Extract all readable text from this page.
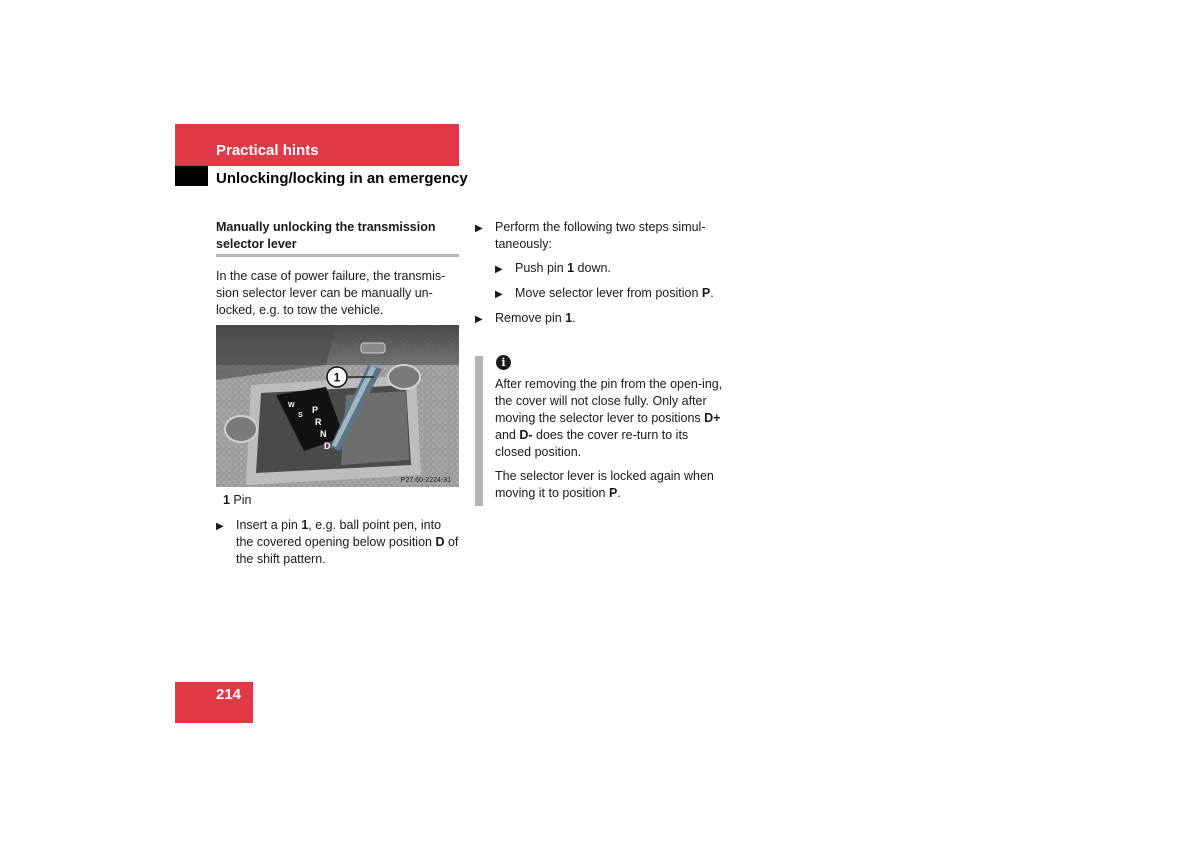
Practical hints
Unlocking/locking in an emergency
Manually unlocking the transmission selector lever

In the case of power failure, the transmis-sion selector lever can be manually un-locked, e.g. to tow the vehicle.

P
R
N
D
W
S
1
P27.60-2224-31

1 Pin

▶ Insert a pin 1, e.g. ball point pen, into the covered opening below position D of the shift pattern.

▶ Perform the following two steps simul-taneously:

▶ Push pin 1 down.

▶ Move selector lever from position P.

▶ Remove pin 1.

i

After removing the pin from the open-ing, the cover will not close fully. Only after moving the selector lever to positions D+ and D- does the cover re-turn to its closed position.

The selector lever is locked again when moving it to position P.

214
